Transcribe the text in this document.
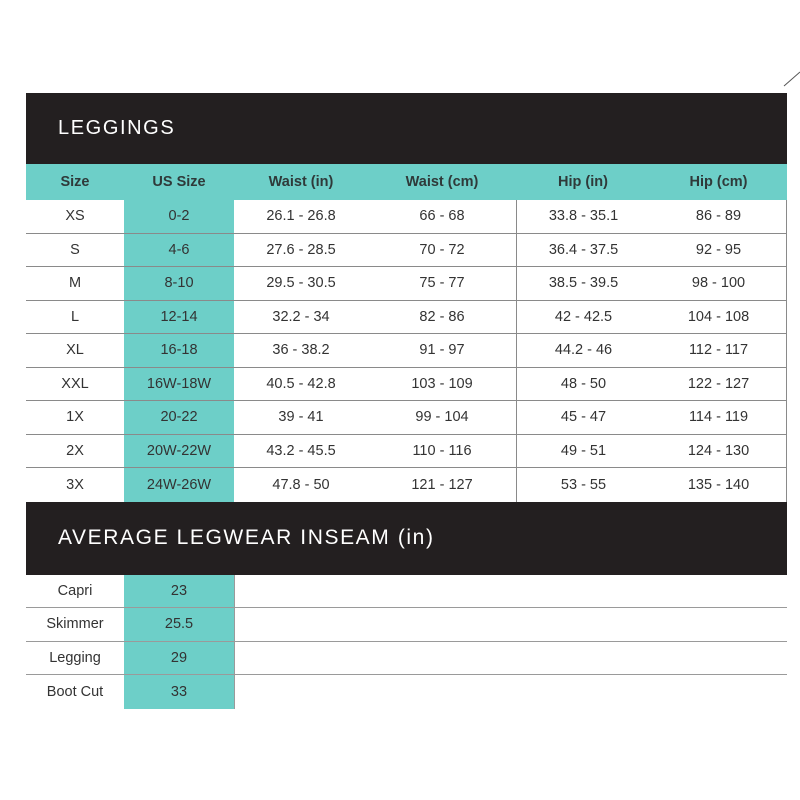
LEGGINGS
Size	US Size	Waist (in)	Waist (cm)	Hip (in)	Hip (cm)
XS	0-2	26.1 - 26.8	66 - 68	33.8 - 35.1	86 - 89
S	4-6	27.6 - 28.5	70 - 72	36.4 - 37.5	92 - 95
M	8-10	29.5 - 30.5	75 - 77	38.5 - 39.5	98 - 100
L	12-14	32.2 - 34	82 - 86	42 - 42.5	104 - 108
XL	16-18	36 - 38.2	91 - 97	44.2 - 46	112 - 117
XXL	16W-18W	40.5 - 42.8	103 - 109	48 - 50	122 - 127
1X	20-22	39 - 41	99 - 104	45 - 47	114 - 119
2X	20W-22W	43.2 - 45.5	110 - 116	49 - 51	124 - 130
3X	24W-26W	47.8 - 50	121 - 127	53 - 55	135 - 140
AVERAGE LEGWEAR INSEAM (in)
Capri	23
Skimmer	25.5
Legging	29
Boot Cut	33
